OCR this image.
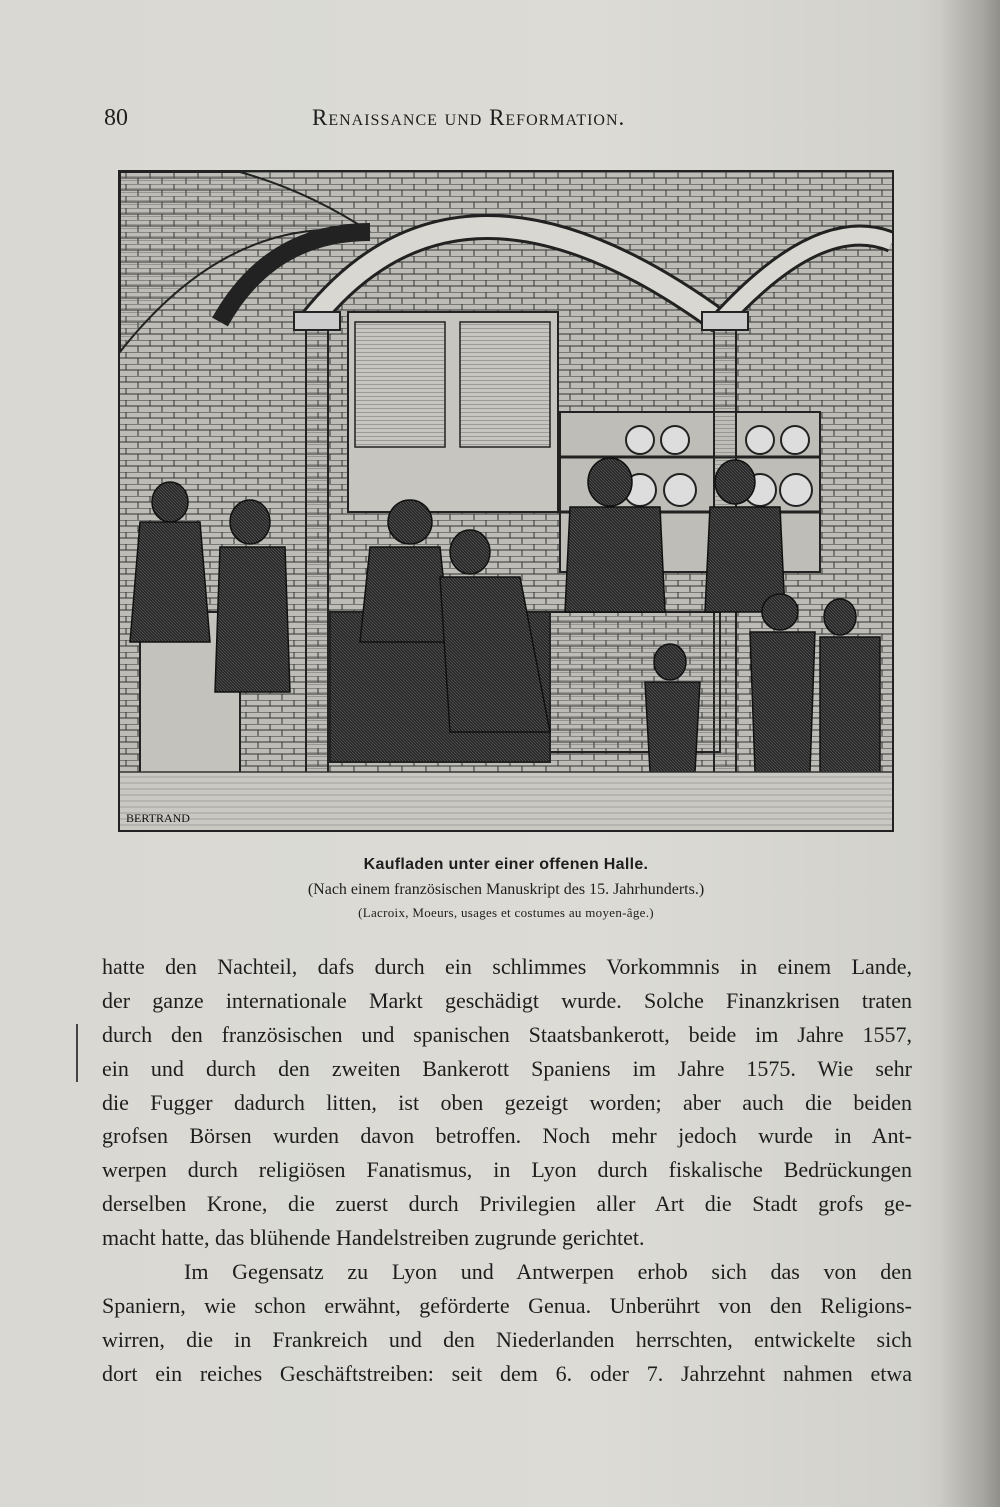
80	Renaissance und Reformation.
BERTRAND
Kaufladen unter einer offenen Halle.
(Nach einem französischen Manuskript des 15. Jahrhunderts.)
(Lacroix, Moeurs, usages et costumes au moyen-âge.)
hatte den Nachteil, dafs durch ein schlimmes Vorkommnis in einem Lande,
der ganze internationale Markt geschädigt wurde. Solche Finanzkrisen traten
durch den französischen und spanischen Staatsbankerott, beide im Jahre 1557,
ein und durch den zweiten Bankerott Spaniens im Jahre 1575. Wie sehr
die Fugger dadurch litten, ist oben gezeigt worden; aber auch die beiden
grofsen Börsen wurden davon betroffen. Noch mehr jedoch wurde in Ant-
werpen durch religiösen Fanatismus, in Lyon durch fiskalische Bedrückungen
derselben Krone, die zuerst durch Privilegien aller Art die Stadt grofs ge-
macht hatte, das blühende Handelstreiben zugrunde gerichtet.
Im Gegensatz zu Lyon und Antwerpen erhob sich das von den
Spaniern, wie schon erwähnt, geförderte Genua. Unberührt von den Religions-
wirren, die in Frankreich und den Niederlanden herrschten, entwickelte sich
dort ein reiches Geschäftstreiben: seit dem 6. oder 7. Jahrzehnt nahmen etwa
